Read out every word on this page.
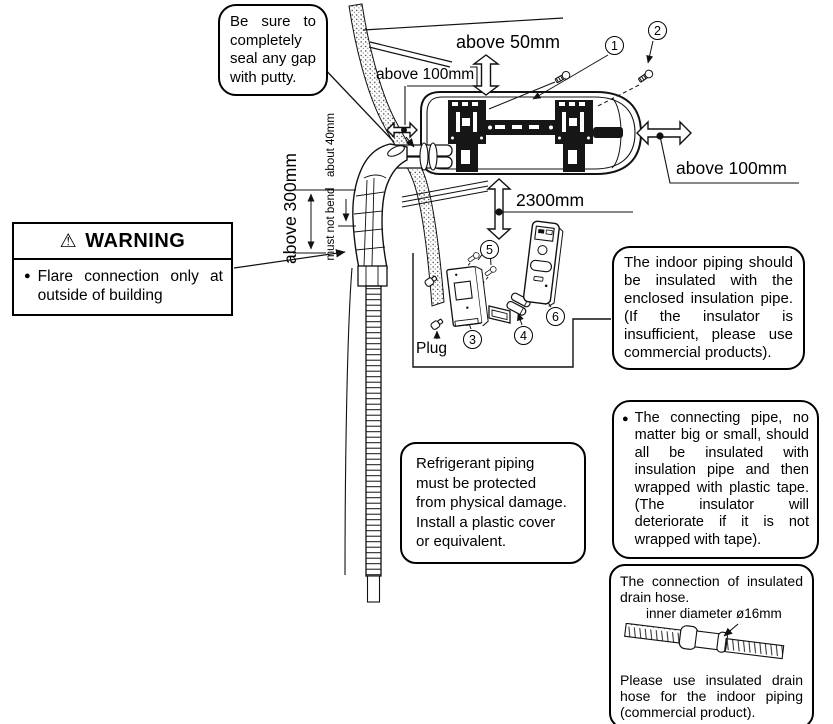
Be sure to completely seal any gap with putty.
⚠ WARNING
● Flare connection only at outside of building
Refrigerant piping must be protected from physical damage. Install a plastic cover or equivalent.
The indoor piping should be insulated with the enclosed insulation pipe. (If the insulator is insufficient, please use commercial products).
● The connecting pipe, no matter big or small, should all be insulated with insulation pipe and then wrapped with plastic tape. (The insulator will deteriorate if it is not wrapped with tape).
The connection of insulated drain hose.
inner diameter ø16mm
Please use insulated drain hose for the indoor piping (commercial product).
above 50mm
above 100mm
2300mm
above 100mm
Plug
above 300mm must not bend
about 40mm
1
2
3	4
5
6
